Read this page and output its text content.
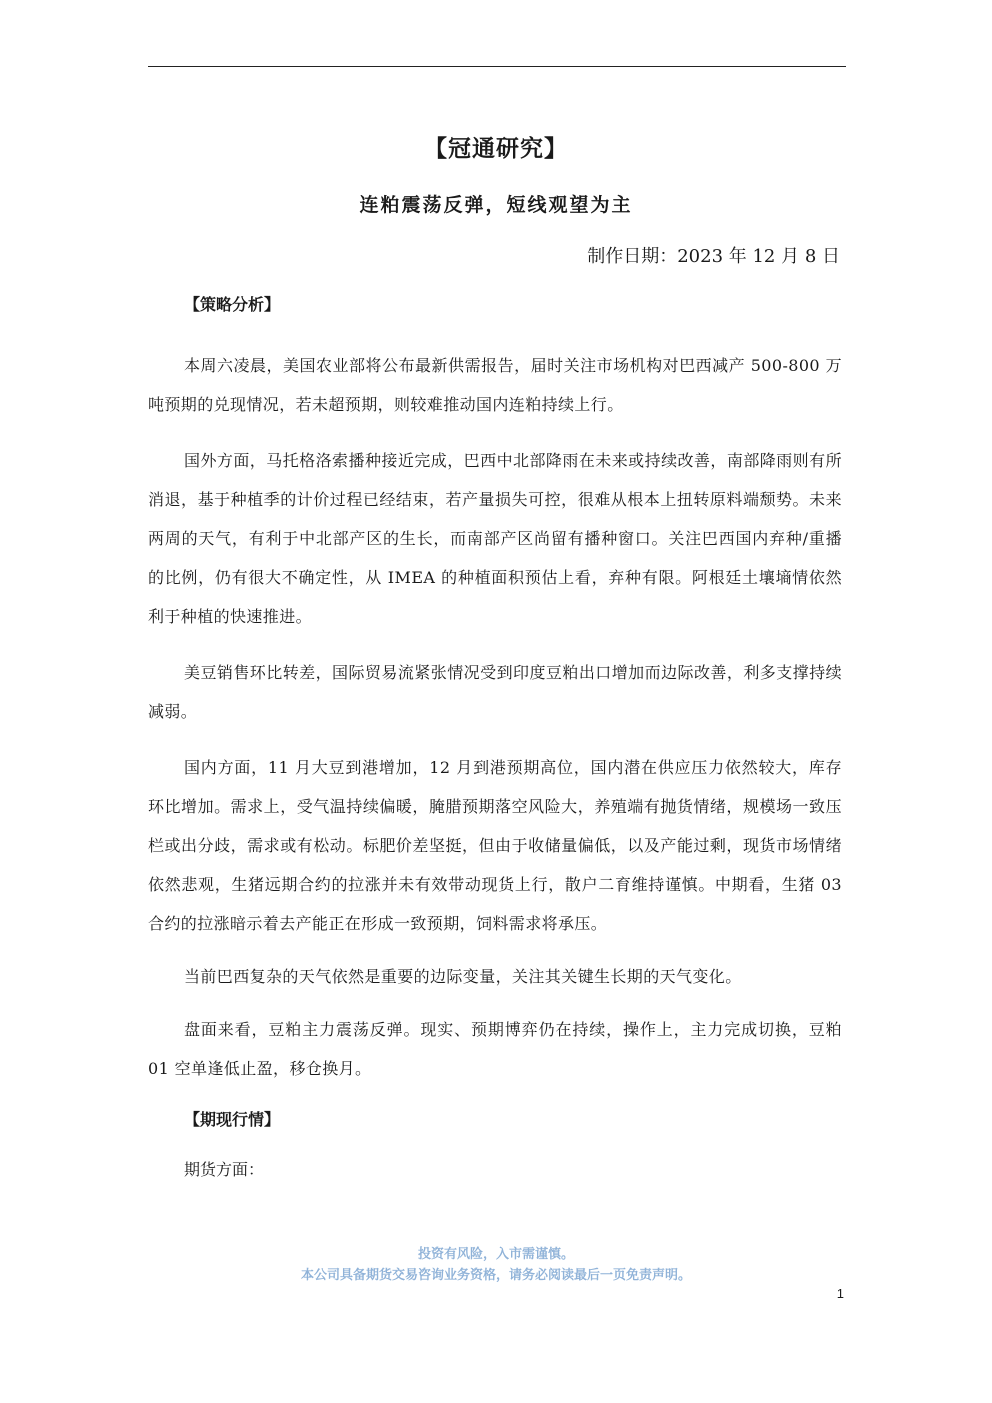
【冠通研究】
连粕震荡反弹，短线观望为主
制作日期：2023 年 12 月 8 日
【策略分析】

本周六凌晨，美国农业部将公布最新供需报告，届时关注市场机构对巴西减产 500-800 万吨预期的兑现情况，若未超预期，则较难推动国内连粕持续上行。

国外方面，马托格洛索播种接近完成，巴西中北部降雨在未来或持续改善，南部降雨则有所消退，基于种植季的计价过程已经结束，若产量损失可控，很难从根本上扭转原料端颓势。未来两周的天气，有利于中北部产区的生长，而南部产区尚留有播种窗口。关注巴西国内弃种/重播的比例，仍有很大不确定性，从 IMEA 的种植面积预估上看，弃种有限。阿根廷土壤墒情依然利于种植的快速推进。

美豆销售环比转差，国际贸易流紧张情况受到印度豆粕出口增加而边际改善，利多支撑持续减弱。

国内方面，11 月大豆到港增加，12 月到港预期高位，国内潜在供应压力依然较大，库存环比增加。需求上，受气温持续偏暖，腌腊预期落空风险大，养殖端有抛货情绪，规模场一致压栏或出分歧，需求或有松动。标肥价差坚挺，但由于收储量偏低，以及产能过剩，现货市场情绪依然悲观，生猪远期合约的拉涨并未有效带动现货上行，散户二育维持谨慎。中期看，生猪 03 合约的拉涨暗示着去产能正在形成一致预期，饲料需求将承压。

当前巴西复杂的天气依然是重要的边际变量，关注其关键生长期的天气变化。

盘面来看，豆粕主力震荡反弹。现实、预期博弈仍在持续，操作上，主力完成切换，豆粕 01 空单逢低止盈，移仓换月。

【期现行情】
期货方面：
投资有风险，入市需谨慎。
本公司具备期货交易咨询业务资格，请务必阅读最后一页免责声明。
1
